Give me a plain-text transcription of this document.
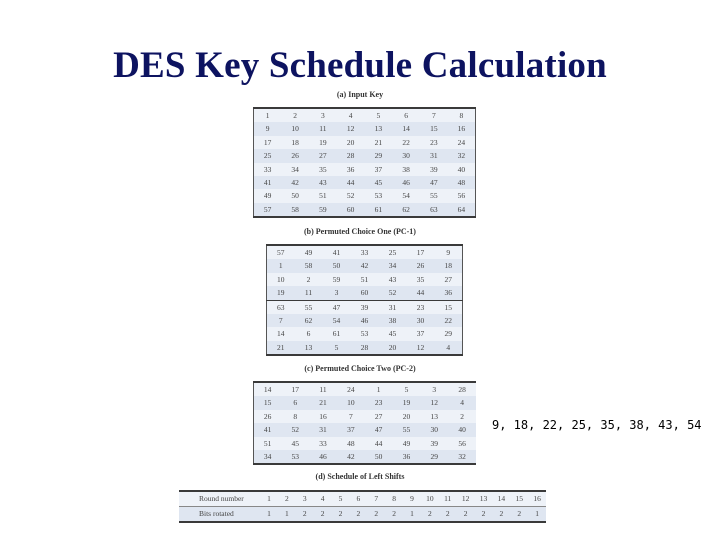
DES Key Schedule Calculation
(a) Input Key
1	2	3	4	5	6	7	8
9	10	11	12	13	14	15	16
17	18	19	20	21	22	23	24
25	26	27	28	29	30	31	32
33	34	35	36	37	38	39	40
41	42	43	44	45	46	47	48
49	50	51	52	53	54	55	56
57	58	59	60	61	62	63	64
(b) Permuted Choice One (PC-1)
57	49	41	33	25	17	9
1	58	50	42	34	26	18
10	2	59	51	43	35	27
19	11	3	60	52	44	36
63	55	47	39	31	23	15
7	62	54	46	38	30	22
14	6	61	53	45	37	29
21	13	5	28	20	12	4
(c) Permuted Choice Two (PC-2)
14	17	11	24	1	5	3	28
15	6	21	10	23	19	12	4
26	8	16	7	27	20	13	2
41	52	31	37	47	55	30	40
51	45	33	48	44	49	39	56
34	53	46	42	50	36	29	32
9, 18, 22, 25, 35, 38, 43, 54
(d) Schedule of Left Shifts
Round number	1	2	3	4	5	6	7	8	9	10	11	12	13	14	15	16
Bits rotated	1	1	2	2	2	2	2	2	1	2	2	2	2	2	2	1
